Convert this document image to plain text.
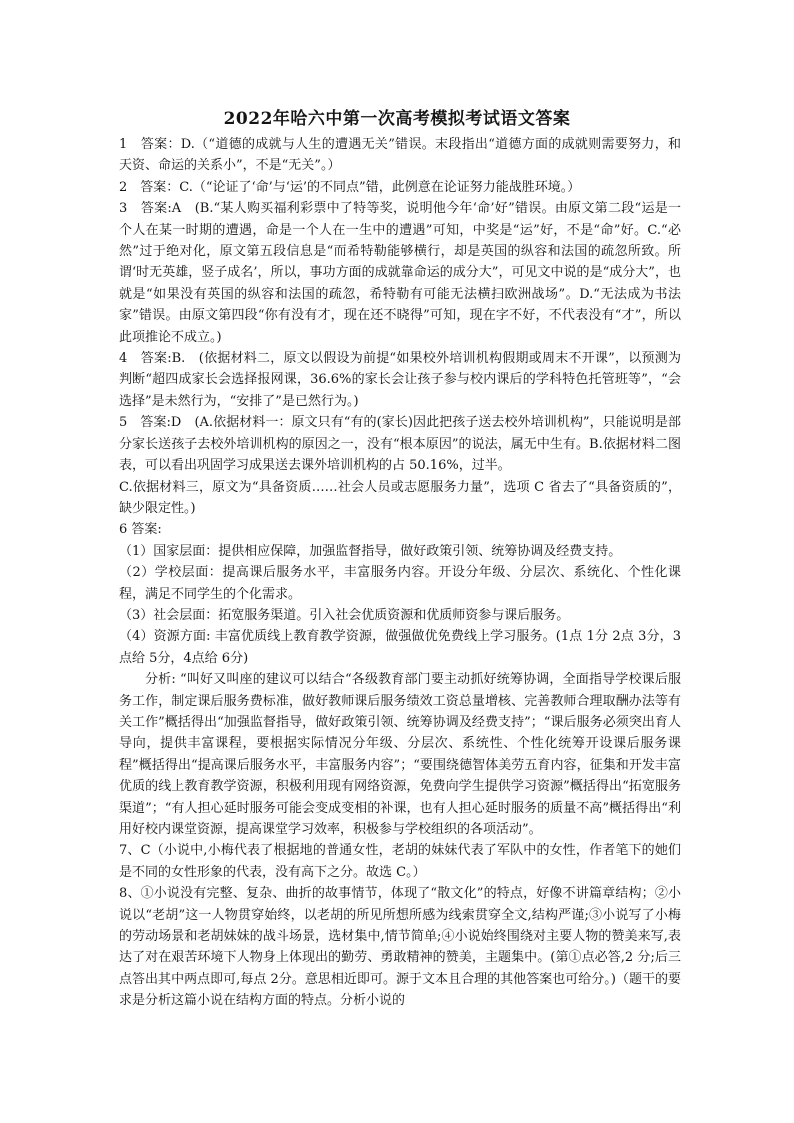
2022年哈六中第一次高考模拟考试语文答案

1　答案：D.（“道德的成就与人生的遭遇无关”错误。末段指出“道德方面的成就则需要努力，和天资、命运的关系小”，不是“无关”。）

2　答案：C.（“论证了‘命’与‘运’的不同点”错，此例意在论证努力能战胜环境。）

3　答案:A　(B.“某人购买福利彩票中了特等奖，说明他今年‘命’好”错误。由原文第二段“运是一个人在某一时期的遭遇，命是一个人在一生中的遭遇”可知，中奖是“运”好，不是“命”好。C.“必然”过于绝对化，原文第五段信息是“而希特勒能够横行，却是英国的纵容和法国的疏忽所致。所谓‘时无英雄，竖子成名’，所以，事功方面的成就靠命运的成分大”，可见文中说的是“成分大”，也就是“如果没有英国的纵容和法国的疏忽，希特勒有可能无法横扫欧洲战场”。D.“无法成为书法家”错误。由原文第四段“你有没有才，现在还不晓得”可知，现在字不好，不代表没有“才”，所以此项推论不成立。)

4　答案:B.　(依据材料二，原文以假设为前提“如果校外培训机构假期或周末不开课”，以预测为判断“超四成家长会选择报网课，36.6%的家长会让孩子参与校内课后的学科特色托管班等”，“会选择”是未然行为，“安排了”是已然行为。)

5　答案:D　(A.依据材料一：原文只有“有的(家长)因此把孩子送去校外培训机构”，只能说明是部分家长送孩子去校外培训机构的原因之一，没有“根本原因”的说法，属无中生有。B.依据材料二图表，可以看出巩固学习成果送去课外培训机构的占 50.16%，过半。

C.依据材料三，原文为“具备资质……社会人员或志愿服务力量”，选项 C 省去了“具备资质的”，缺少限定性。)

6 答案:

（1）国家层面：提供相应保障，加强监督指导，做好政策引领、统筹协调及经费支持。

（2）学校层面：提高课后服务水平，丰富服务内容。开设分年级、分层次、系统化、个性化课程，满足不同学生的个化需求。

（3）社会层面：拓宽服务渠道。引入社会优质资源和优质师资参与课后服务。

（4）资源方面: 丰富优质线上教育教学资源，做强做优免费线上学习服务。(1点 1分 2点 3分，3点给 5分，4点给 6分)

分析: “叫好又叫座的建议可以结合“各级教育部门要主动抓好统筹协调，全面指导学校课后服务工作，制定课后服务费标准，做好教师课后服务绩效工资总量增核、完善教师合理取酬办法等有关工作”概括得出“加强监督指导，做好政策引领、统筹协调及经费支持”；“课后服务必须突出育人导向，提供丰富课程，要根据实际情况分年级、分层次、系统性、个性化统筹开设课后服务课程”概括得出“提高课后服务水平，丰富服务内容”；“要围绕德智体美劳五育内容，征集和开发丰富优质的线上教育教学资源，积极利用现有网络资源，免费向学生提供学习资源”概括得出“拓宽服务渠道”；“有人担心延时服务可能会变成变相的补课，也有人担心延时服务的质量不高”概括得出“利用好校内课堂资源，提高课堂学习效率，积极参与学校组织的各项活动”。

7、C（小说中,小梅代表了根据地的普通女性，老胡的妹妹代表了军队中的女性，作者笔下的她们是不同的女性形象的代表，没有高下之分。故选 C。）

8、①小说没有完整、复杂、曲折的故事情节，体现了“散文化”的特点，好像不讲篇章结构；②小说以“老胡”这一人物贯穿始终，以老胡的所见所想所感为线索贯穿全文,结构严谨;③小说写了小梅的劳动场景和老胡妹妹的战斗场景，选材集中,情节简单;④小说始终围绕对主要人物的赞美来写,表达了对在艰苦环境下人物身上体现出的勤劳、勇敢精神的赞美，主题集中。(第①点必答,2 分;后三点答出其中两点即可,每点 2分。意思相近即可。源于文本且合理的其他答案也可给分。)（题干的要求是分析这篇小说在结构方面的特点。分析小说的
